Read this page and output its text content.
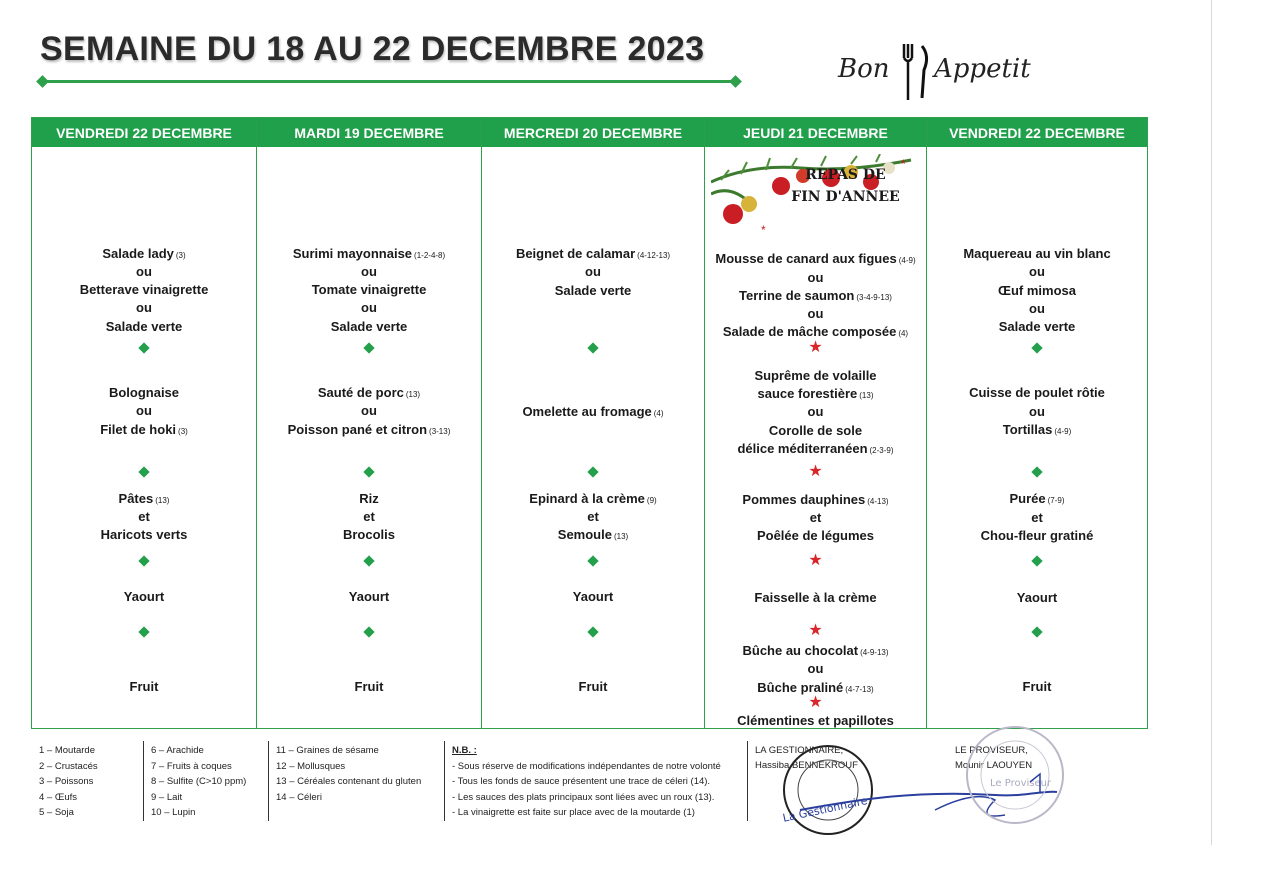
SEMAINE DU 18 AU 22 DECEMBRE 2023
Bon Appetit
VENDREDI 22 DECEMBRE
Salade lady (3)
ou
Betterave vinaigrette
ou
Salade verte
Bolognaise
ou
Filet de hoki (3)
Pâtes (13)
et
Haricots verts
Yaourt
Fruit
MARDI 19 DECEMBRE
Surimi mayonnaise (1-2-4-8)
ou
Tomate vinaigrette
ou
Salade verte
Sauté de porc (13)
ou
Poisson pané et citron (3-13)
Riz
et
Brocolis
Yaourt
Fruit
MERCREDI 20 DECEMBRE
Beignet de calamar (4-12-13)
ou
Salade verte
Omelette au fromage (4)
Epinard à la crème (9)
et
Semoule (13)
Yaourt
Fruit
JEUDI 21 DECEMBRE
*
*
REPAS DE
FIN D'ANNEE
Mousse de canard aux figues (4-9)
ou
Terrine de saumon (3-4-9-13)
ou
Salade de mâche composée (4)
★
Suprême de volaille
sauce forestière (13)
ou
Corolle de sole
délice méditerranéen (2-3-9)
★
Pommes dauphines (4-13)
et
Poêlée de légumes
★
Faisselle à la crème
★
Bûche au chocolat (4-9-13)
ou
Bûche praliné (4-7-13)
★
Clémentines et papillotes
VENDREDI 22 DECEMBRE
Maquereau au vin blanc
ou
Œuf mimosa
ou
Salade verte
Cuisse de poulet rôtie
ou
Tortillas (4-9)
Purée (7-9)
et
Chou-fleur gratiné
Yaourt
Fruit
1 – Moutarde
2 – Crustacés
3 – Poissons
4 – Œufs
5 – Soja
6 – Arachide
7 – Fruits à coques
8 – Sulfite (C>10 ppm)
9 – Lait
10 – Lupin
11 – Graines de sésame
12 – Mollusques
13 – Céréales contenant du gluten
14 – Céleri
N.B. :
- Sous réserve de modifications indépendantes de notre volonté
- Tous les fonds de sauce présentent une trace de céleri (14).
- Les sauces des plats principaux sont liées avec un roux (13).
- La vinaigrette est faite sur place avec de la moutarde (1)
LA GESTIONNAIRE,
Hassiba BENNEKROUF
La Gestionnaire
LE PROVISEUR,
Mounir LAOUYEN
Le Proviseur
